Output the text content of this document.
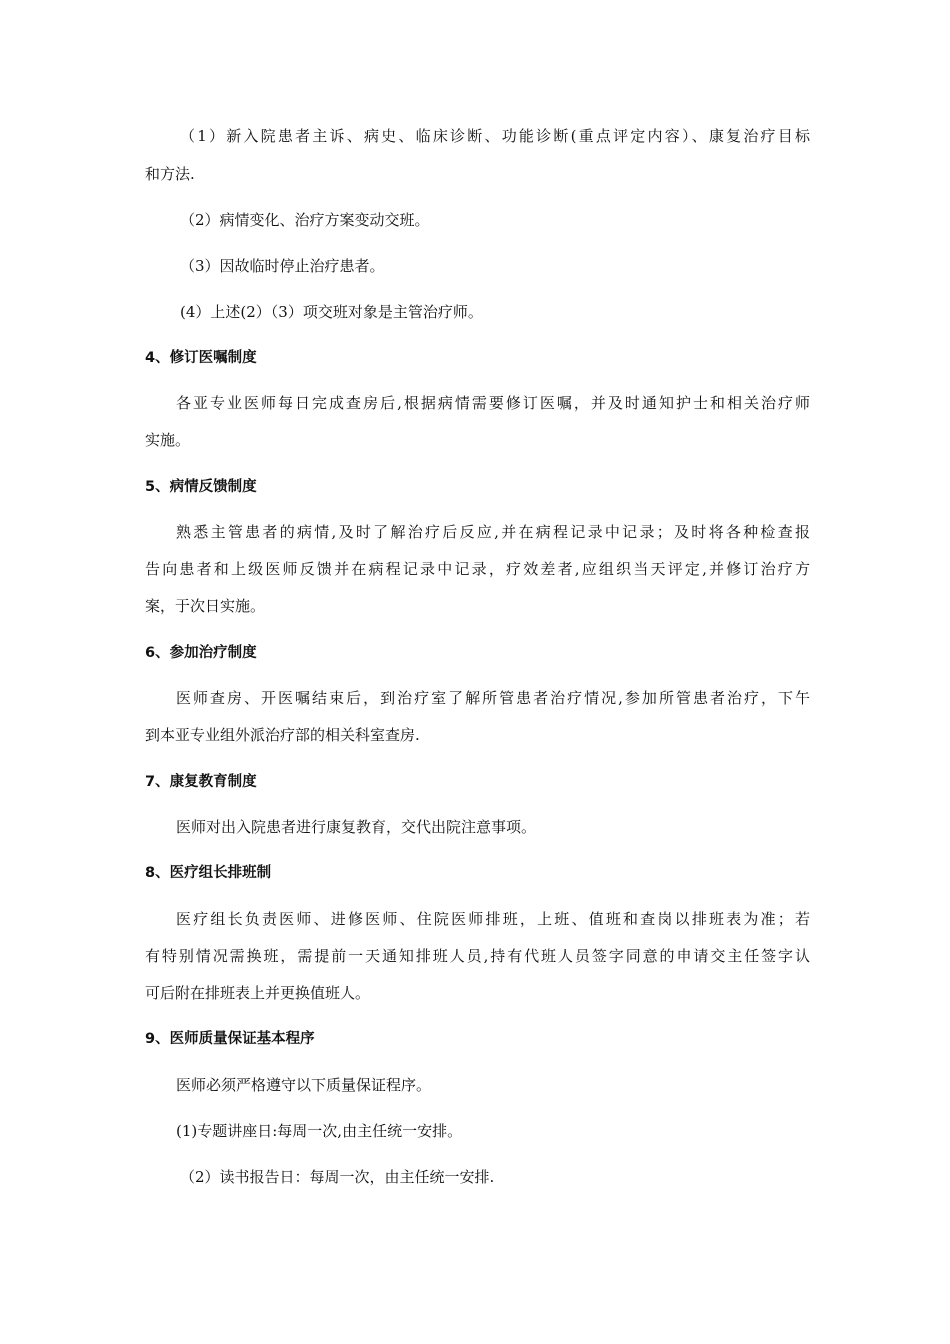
（1）新入院患者主诉、病史、临床诊断、功能诊断(重点评定内容）、康复治疗目标
和方法.
（2）病情变化、治疗方案变动交班。
（3）因故临时停止治疗患者。
(4）上述(2）（3）项交班对象是主管治疗师。
4、修订医嘱制度
各亚专业医师每日完成查房后,根据病情需要修订医嘱，并及时通知护士和相关治疗师
实施。
5、病情反馈制度
熟悉主管患者的病情,及时了解治疗后反应,并在病程记录中记录；及时将各种检查报
告向患者和上级医师反馈并在病程记录中记录，疗效差者,应组织当天评定,并修订治疗方
案，于次日实施。
6、参加治疗制度
医师查房、开医嘱结束后，到治疗室了解所管患者治疗情况,参加所管患者治疗，下午
到本亚专业组外派治疗部的相关科室查房.
7、康复教育制度
医师对出入院患者进行康复教育，交代出院注意事项。
8、医疗组长排班制
医疗组长负责医师、进修医师、住院医师排班，上班、值班和查岗以排班表为准；若
有特别情况需换班，需提前一天通知排班人员,持有代班人员签字同意的申请交主任签字认
可后附在排班表上并更换值班人。
9、医师质量保证基本程序
医师必须严格遵守以下质量保证程序。
(1)专题讲座日:每周一次,由主任统一安排。
（2）读书报告日：每周一次，由主任统一安排.
